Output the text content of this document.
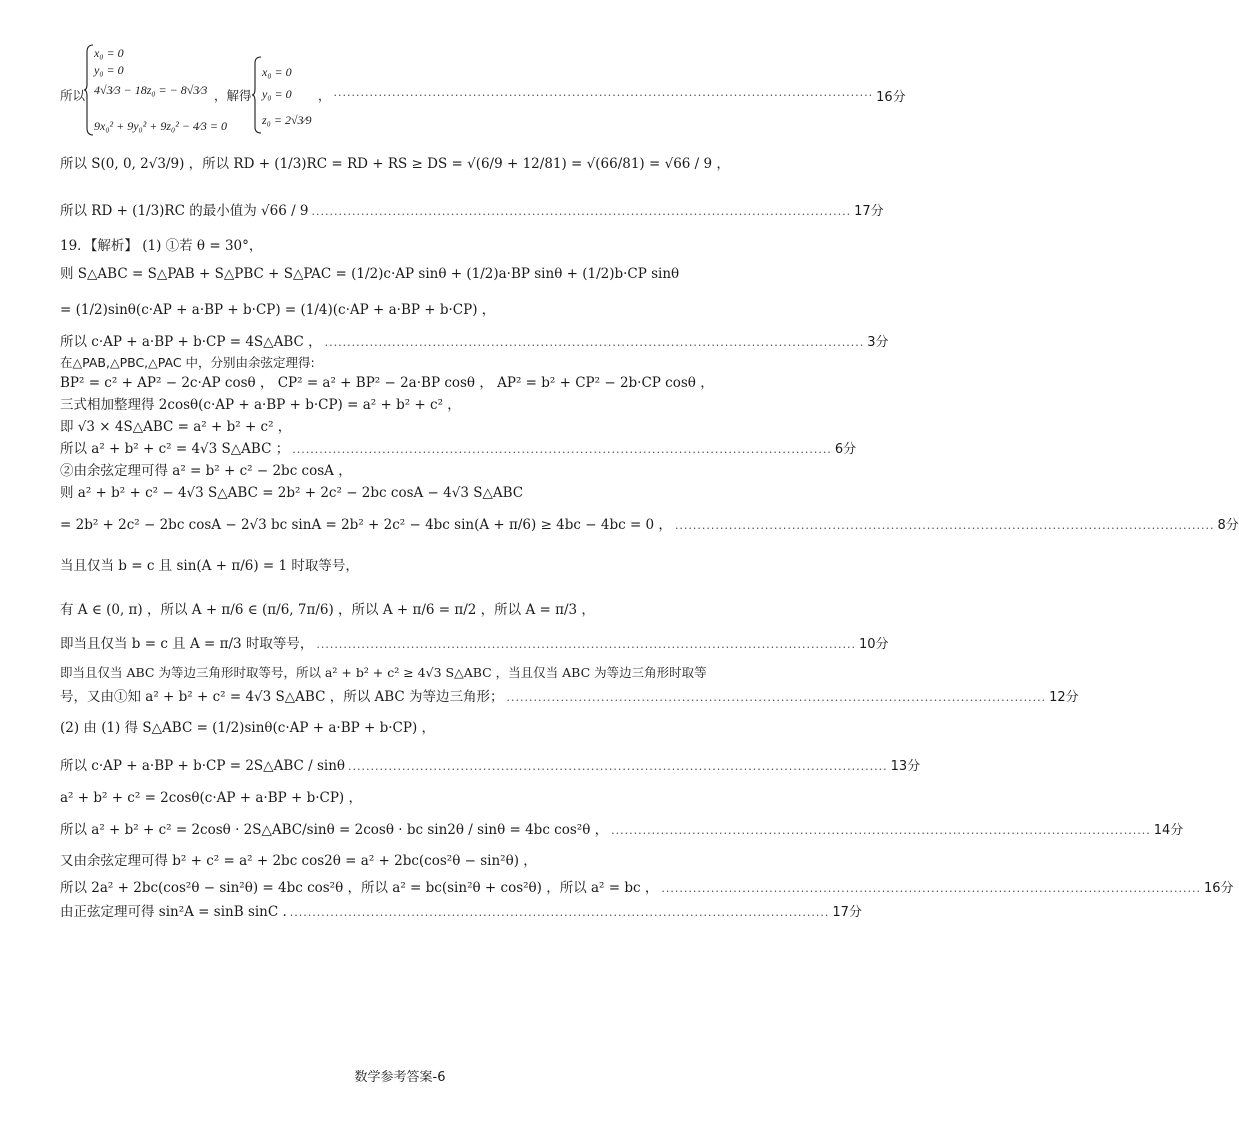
所以
x₀ = 0
y₀ = 0
4√3⁄3 − 18z₀ = − 8√3⁄3
9x₀² + 9y₀² + 9z₀² − 4⁄3 = 0
，解得
x₀ = 0
y₀ = 0
z₀ = 2√3⁄9
， ........................................................................................................................ 16分
所以 S(0, 0, 2√3/9) ，所以 RD + (1/3)RC = RD + RS ≥ DS = √(6/9 + 12/81) = √(66/81) = √66 / 9 ，
所以 RD + (1/3)RC 的最小值为 √66 / 9 ........................................................................................................................ 17分
19．【解析】 (1) ①若 θ = 30°，
则 S△ABC = S△PAB + S△PBC + S△PAC = (1/2)c·AP sinθ + (1/2)a·BP sinθ + (1/2)b·CP sinθ
= (1/2)sinθ(c·AP + a·BP + b·CP) = (1/4)(c·AP + a·BP + b·CP) ，
所以 c·AP + a·BP + b·CP = 4S△ABC ， ........................................................................................................................ 3分
在△PAB,△PBC,△PAC 中，分别由余弦定理得:
BP² = c² + AP² − 2c·AP cosθ ， CP² = a² + BP² − 2a·BP cosθ ， AP² = b² + CP² − 2b·CP cosθ ，
三式相加整理得 2cosθ(c·AP + a·BP + b·CP) = a² + b² + c² ，
即 √3 × 4S△ABC = a² + b² + c² ，
所以 a² + b² + c² = 4√3 S△ABC ； ........................................................................................................................ 6分
②由余弦定理可得 a² = b² + c² − 2bc cosA ，
则 a² + b² + c² − 4√3 S△ABC = 2b² + 2c² − 2bc cosA − 4√3 S△ABC
= 2b² + 2c² − 2bc cosA − 2√3 bc sinA = 2b² + 2c² − 4bc sin(A + π/6) ≥ 4bc − 4bc = 0 ， ........................................................................................................................ 8分
当且仅当 b = c 且 sin(A + π/6) = 1 时取等号，
有 A ∈ (0, π) ，所以 A + π/6 ∈ (π/6, 7π/6) ，所以 A + π/6 = π/2 ，所以 A = π/3 ，
即当且仅当 b = c 且 A = π/3 时取等号， ........................................................................................................................ 10分
即当且仅当 ABC 为等边三角形时取等号，所以 a² + b² + c² ≥ 4√3 S△ABC ，当且仅当 ABC 为等边三角形时取等
号，又由①知 a² + b² + c² = 4√3 S△ABC ，所以 ABC 为等边三角形； ........................................................................................................................ 12分
(2) 由 (1) 得 S△ABC = (1/2)sinθ(c·AP + a·BP + b·CP) ，
所以 c·AP + a·BP + b·CP = 2S△ABC / sinθ ........................................................................................................................ 13分
a² + b² + c² = 2cosθ(c·AP + a·BP + b·CP) ，
所以 a² + b² + c² = 2cosθ · 2S△ABC/sinθ = 2cosθ · bc sin2θ / sinθ = 4bc cos²θ ， ........................................................................................................................ 14分
又由余弦定理可得 b² + c² = a² + 2bc cos2θ = a² + 2bc(cos²θ − sin²θ) ，
所以 2a² + 2bc(cos²θ − sin²θ) = 4bc cos²θ ，所以 a² = bc(sin²θ + cos²θ) ，所以 a² = bc ， ........................................................................................................................ 16分
由正弦定理可得 sin²A = sinB sinC . ........................................................................................................................ 17分
数学参考答案-6
